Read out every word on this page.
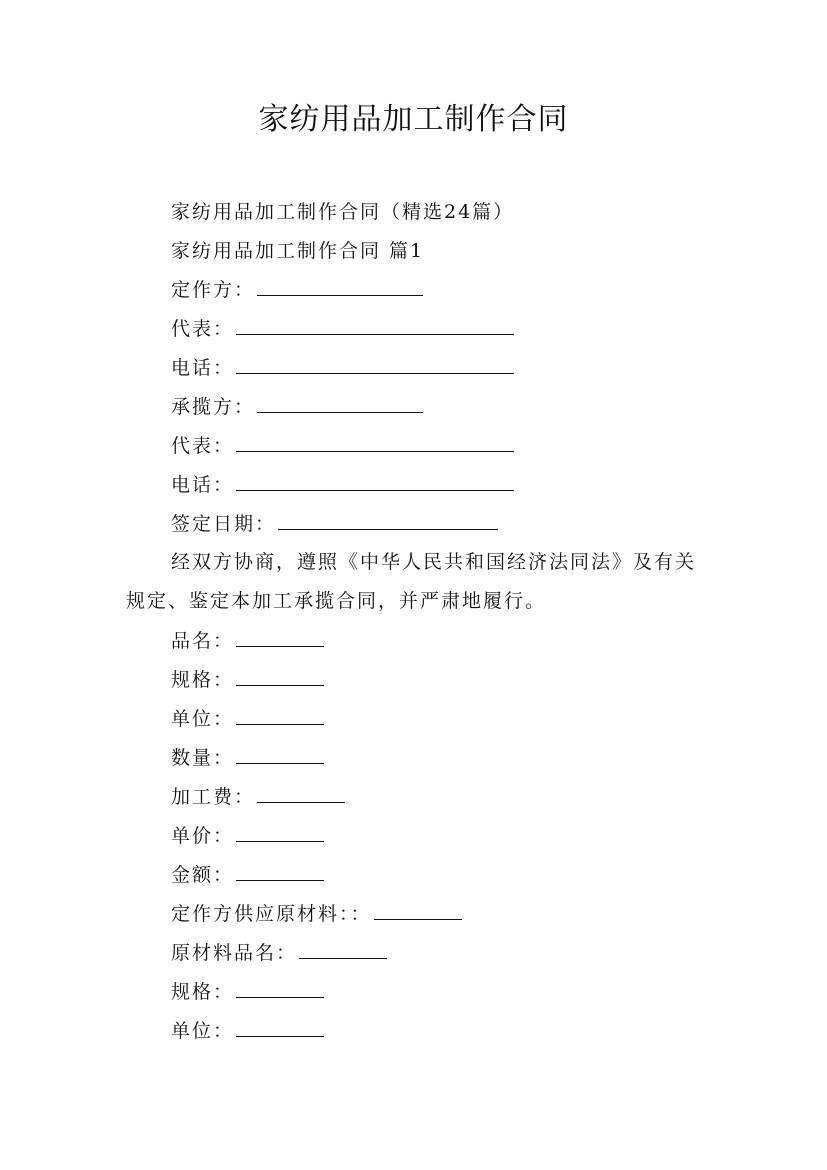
家纺用品加工制作合同
家纺用品加工制作合同（精选24篇）
家纺用品加工制作合同 篇1
定作方：
代表：
电话：
承揽方：
代表：
电话：
签定日期：
经双方协商，遵照《中华人民共和国经济法同法》及有关规定、鉴定本加工承揽合同，并严肃地履行。
品名：
规格：
单位：
数量：
加工费：
单价：
金额：
定作方供应原材料：：
原材料品名：
规格：
单位：
